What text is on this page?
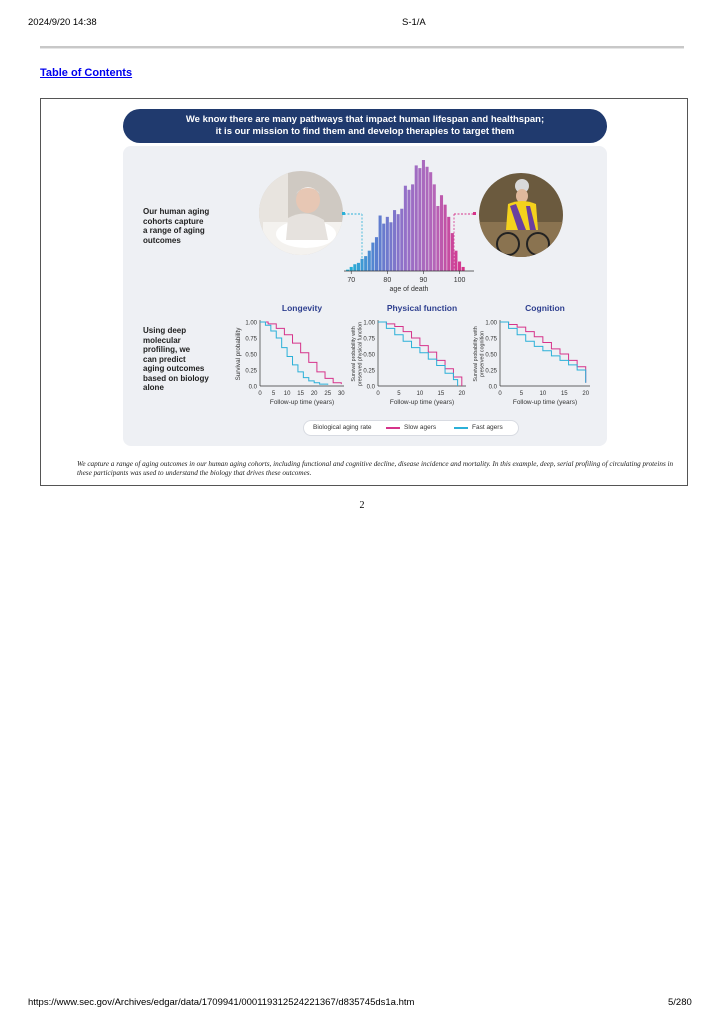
2024/9/20 14:38	S-1/A
Table of Contents
We know there are many pathways that impact human lifespan and healthspan;
it is our mission to find them and develop therapies to target them
Our human aging
cohorts capture
a range of aging
outcomes
Using deep
molecular
profiling, we
can predict
aging outcomes
based on biology
alone
70	80	90	100
age of death
Longevity
1.00
0.75
0.50
0.25
0.0
0 5 10 15 20 25 30
Follow-up time (years)
Survival probability
Physical function
1.00
0.75
0.50
0.25
0.0
0	5	10 15 20
Follow-up time (years)
Survival probability with preserved physical function
Cognition
1.00
0.75
0.50
0.25
0.0
0	5	10 15 20
Follow-up time (years)
Survival probability with preserved cognition
Biological aging rate	Slow agers	Fast agers
We capture a range of aging outcomes in our human aging cohorts, including functional and cognitive decline, disease incidence and mortality. In this example, deep, serial profiling of circulating proteins in these participants was used to understand the biology that drives these outcomes.
2
https://www.sec.gov/Archives/edgar/data/1709941/000119312524221367/d835745ds1a.htm	5/280
